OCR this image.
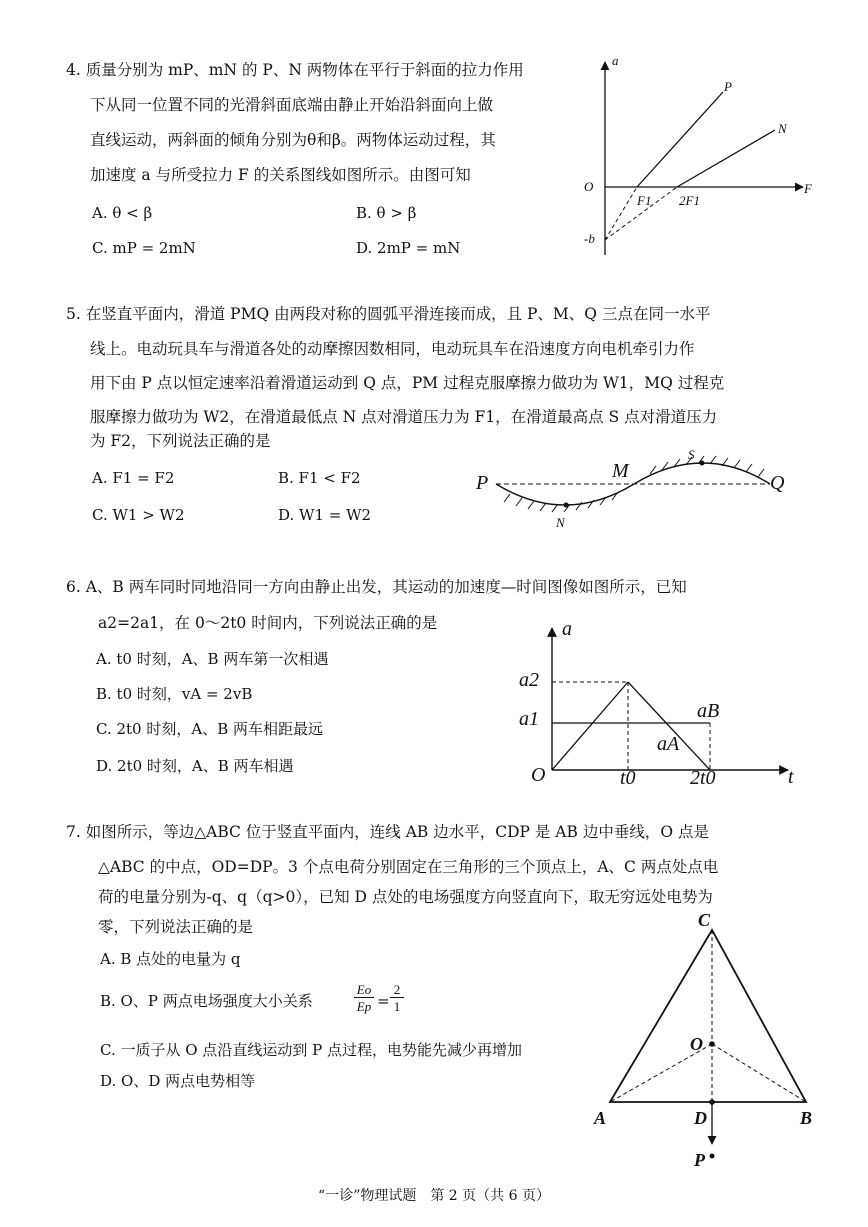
4. 质量分别为 mP、mN 的 P、N 两物体在平行于斜面的拉力作用
下从同一位置不同的光滑斜面底端由静止开始沿斜面向上做
直线运动，两斜面的倾角分别为θ和β。两物体运动过程，其
加速度 a 与所受拉力 F 的关系图线如图所示。由图可知
A. θ < β	B. θ > β
C. mP = 2mN	D. 2mP = mN
a
F
O
P
N
F1 2F1
-b
5. 在竖直平面内，滑道 PMQ 由两段对称的圆弧平滑连接而成，且 P、M、Q 三点在同一水平
线上。电动玩具车与滑道各处的动摩擦因数相同，电动玩具车在沿速度方向电机牵引力作
用下由 P 点以恒定速率沿着滑道运动到 Q 点，PM 过程克服摩擦力做功为 W1，MQ 过程克
服摩擦力做功为 W2，在滑道最低点 N 点对滑道压力为 F1，在滑道最高点 S 点对滑道压力
为 F2，下列说法正确的是
A. F1 = F2	B. F1 < F2
C. W1 > W2	D. W1 = W2
P
M
Q
N
S
6. A、B 两车同时同地沿同一方向由静止出发，其运动的加速度—时间图像如图所示，已知
a2=2a1，在 0～2t0 时间内，下列说法正确的是
A. t0 时刻，A、B 两车第一次相遇
B. t0 时刻，vA = 2vB
C. 2t0 时刻，A、B 两车相距最远
D. 2t0 时刻，A、B 两车相遇
a
t
O
a2
a1	aB
aA
t0	2t0
7. 如图所示，等边△ABC 位于竖直平面内，连线 AB 边水平，CDP 是 AB 边中垂线，O 点是
△ABC 的中点，OD=DP。3 个点电荷分别固定在三角形的三个顶点上，A、C 两点处点电
荷的电量分别为-q、q（q>0），已知 D 点处的电场强度方向竖直向下，取无穷远处电势为
零，下列说法正确的是
A. B 点处的电量为 q
B. O、P 两点电场强度大小关系
Eo
Ep =
2
1
C. 一质子从 O 点沿直线运动到 P 点过程，电势能先减少再增加
D. O、D 两点电势相等
C
O
A	B
D
P
“一诊”物理试题　第 2 页（共 6 页）
